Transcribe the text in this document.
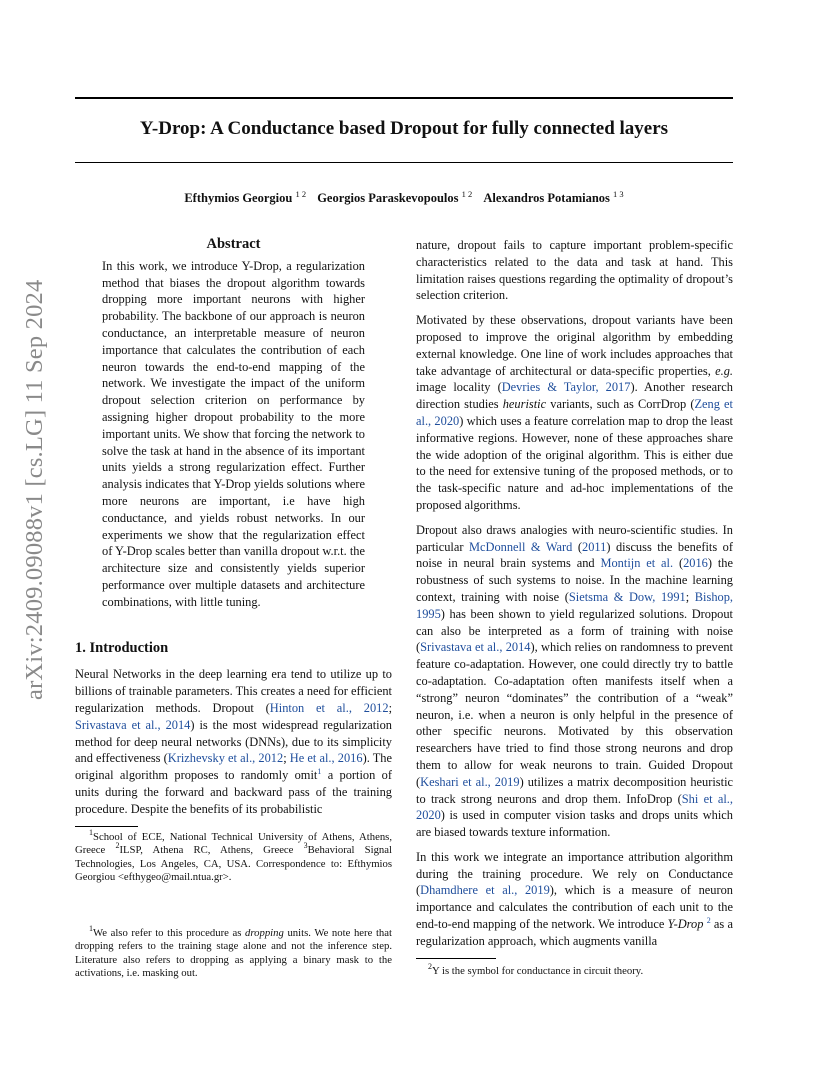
arXiv:2409.09088v1 [cs.LG] 11 Sep 2024
Y-Drop: A Conductance based Dropout for fully connected layers
Efthymios Georgiou $^{1 2}$ Georgios Paraskevopoulos $^{1 2}$ Alexandros Potamianos $^{1 3}$
Abstract
In this work, we introduce Y-Drop, a regularization method that biases the dropout algorithm towards dropping more important neurons with higher probability. The backbone of our approach is neuron conductance, an interpretable measure of neuron importance that calculates the contribution of each neuron towards the end-to-end mapping of the network. We investigate the impact of the uniform dropout selection criterion on performance by assigning higher dropout probability to the more important units. We show that forcing the network to solve the task at hand in the absence of its important units yields a strong regularization effect. Further analysis indicates that Y-Drop yields solutions where more neurons are important, i.e have high conductance, and yields robust networks. In our experiments we show that the regularization effect of Y-Drop scales better than vanilla dropout w.r.t. the architecture size and consistently yields superior performance over multiple datasets and architecture combinations, with little tuning.
1. Introduction
Neural Networks in the deep learning era tend to utilize up to billions of trainable parameters. This creates a need for efficient regularization methods. Dropout (Hinton et al., 2012; Srivastava et al., 2014) is the most widespread regularization method for deep neural networks (DNNs), due to its simplicity and effectiveness (Krizhevsky et al., 2012; He et al., 2016). The original algorithm proposes to randomly omit$^1$ a portion of units during the forward and backward pass of the training procedure. Despite the benefits of its probabilistic
$^1$School of ECE, National Technical University of Athens, Athens, Greece $^2$ILSP, Athena RC, Athens, Greece $^3$Behavioral Signal Technologies, Los Angeles, CA, USA. Correspondence to: Efthymios Georgiou <efthygeo@mail.ntua.gr>.
$^1$We also refer to this procedure as dropping units. We note here that dropping refers to the training stage alone and not the inference step. Literature also refers to dropping as applying a binary mask to the activations, i.e. masking out.
nature, dropout fails to capture important problem-specific characteristics related to the data and task at hand. This limitation raises questions regarding the optimality of dropout’s selection criterion.
Motivated by these observations, dropout variants have been proposed to improve the original algorithm by embedding external knowledge. One line of work includes approaches that take advantage of architectural or data-specific properties, e.g. image locality (Devries & Taylor, 2017). Another research direction studies heuristic variants, such as CorrDrop (Zeng et al., 2020) which uses a feature correlation map to drop the least informative regions. However, none of these approaches share the wide adoption of the original algorithm. This is either due to the need for extensive tuning of the proposed methods, or to the task-specific nature and ad-hoc implementations of the proposed algorithms.
Dropout also draws analogies with neuro-scientific studies. In particular McDonnell & Ward (2011) discuss the benefits of noise in neural brain systems and Montijn et al. (2016) the robustness of such systems to noise. In the machine learning context, training with noise (Sietsma & Dow, 1991; Bishop, 1995) has been shown to yield regularized solutions. Dropout can also be interpreted as a form of training with noise (Srivastava et al., 2014), which relies on randomness to prevent feature co-adaptation. However, one could directly try to battle co-adaptation. Co-adaptation often manifests itself when a “strong” neuron “dominates” the contribution of a “weak” neuron, i.e. when a neuron is only helpful in the presence of other specific neurons. Motivated by this observation researchers have tried to find those strong neurons and drop them to allow for weak neurons to train. Guided Dropout (Keshari et al., 2019) utilizes a matrix decomposition heuristic to track strong neurons and drop them. InfoDrop (Shi et al., 2020) is used in computer vision tasks and drops units which are biased towards texture information.
In this work we integrate an importance attribution algorithm during the training procedure. We rely on Conductance (Dhamdhere et al., 2019), which is a measure of neuron importance and calculates the contribution of each unit to the end-to-end mapping of the network. We introduce Y-Drop $^2$ as a regularization approach, which augments vanilla
$^2$Y is the symbol for conductance in circuit theory.
